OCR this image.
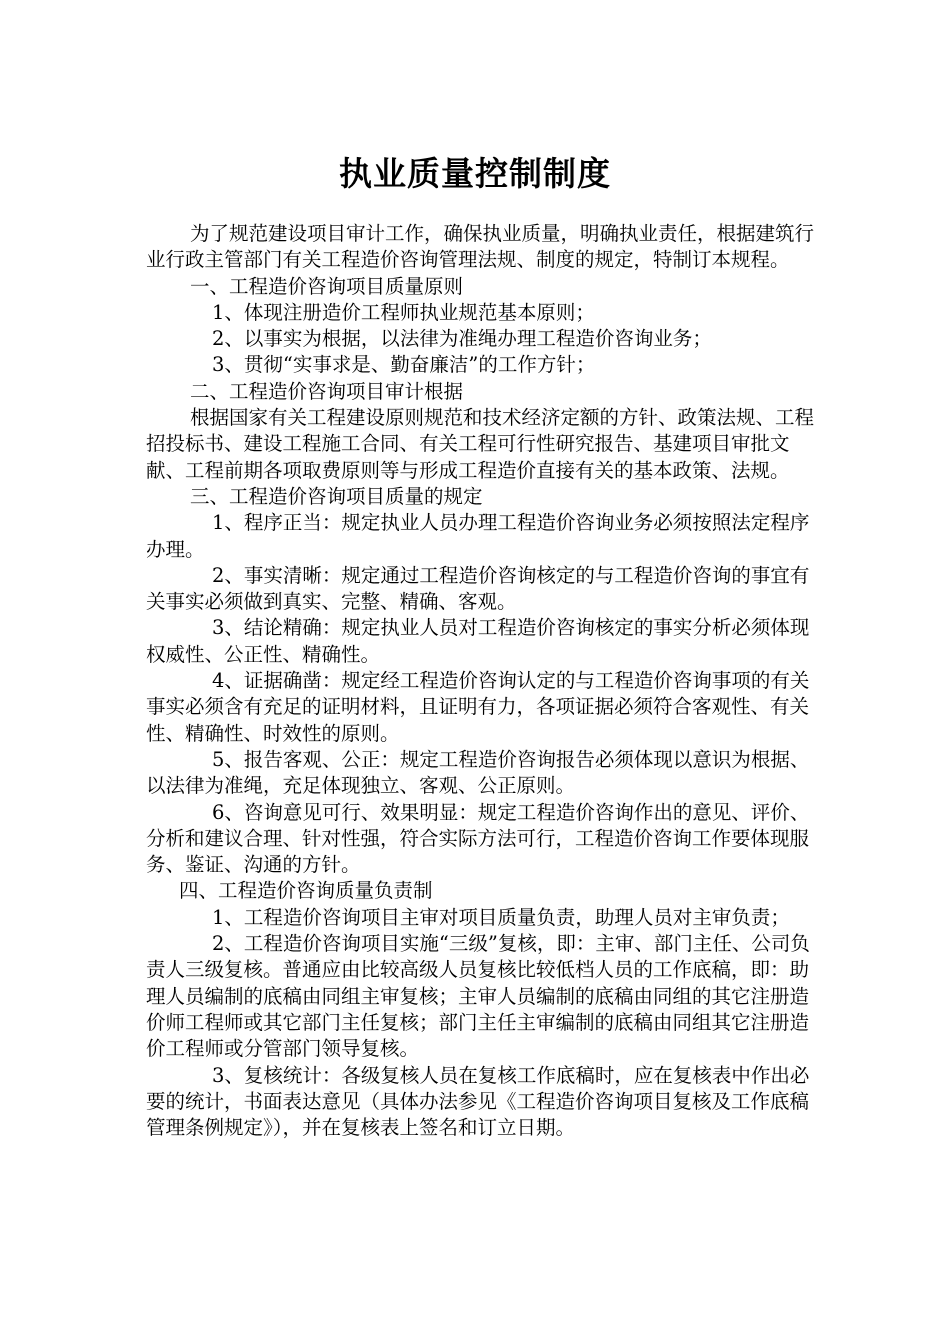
执业质量控制制度

为了规范建设项目审计工作，确保执业质量，明确执业责任，根据建筑行业行政主管部门有关工程造价咨询管理法规、制度的规定，特制订本规程。

一、工程造价咨询项目质量原则

1、体现注册造价工程师执业规范基本原则；

2、以事实为根据，以法律为准绳办理工程造价咨询业务；

3、贯彻“实事求是、勤奋廉洁”的工作方针；

二、工程造价咨询项目审计根据

根据国家有关工程建设原则规范和技术经济定额的方针、政策法规、工程招投标书、建设工程施工合同、有关工程可行性研究报告、基建项目审批文献、工程前期各项取费原则等与形成工程造价直接有关的基本政策、法规。

三、工程造价咨询项目质量的规定

1、程序正当：规定执业人员办理工程造价咨询业务必须按照法定程序办理。

2、事实清晰：规定通过工程造价咨询核定的与工程造价咨询的事宜有关事实必须做到真实、完整、精确、客观。

3、结论精确：规定执业人员对工程造价咨询核定的事实分析必须体现权威性、公正性、精确性。

4、证据确凿：规定经工程造价咨询认定的与工程造价咨询事项的有关事实必须含有充足的证明材料，且证明有力，各项证据必须符合客观性、有关性、精确性、时效性的原则。

5、报告客观、公正：规定工程造价咨询报告必须体现以意识为根据、以法律为准绳，充足体现独立、客观、公正原则。

6、咨询意见可行、效果明显：规定工程造价咨询作出的意见、评价、分析和建议合理、针对性强，符合实际方法可行，工程造价咨询工作要体现服务、鉴证、沟通的方针。

四、工程造价咨询质量负责制

1、工程造价咨询项目主审对项目质量负责，助理人员对主审负责；

2、工程造价咨询项目实施“三级”复核，即：主审、部门主任、公司负责人三级复核。普通应由比较高级人员复核比较低档人员的工作底稿，即：助理人员编制的底稿由同组主审复核；主审人员编制的底稿由同组的其它注册造价师工程师或其它部门主任复核；部门主任主审编制的底稿由同组其它注册造价工程师或分管部门领导复核。

3、复核统计：各级复核人员在复核工作底稿时，应在复核表中作出必要的统计，书面表达意见（具体办法参见《工程造价咨询项目复核及工作底稿管理条例规定》），并在复核表上签名和订立日期。
